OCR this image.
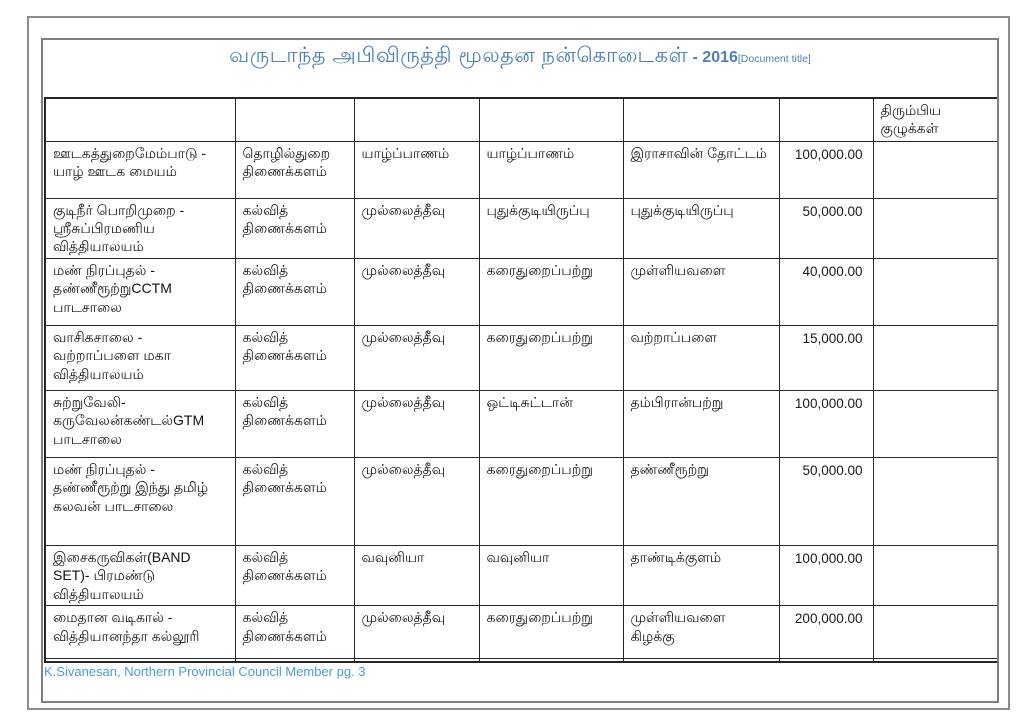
வருடாந்த அபிவிருத்தி மூலதன நன்கொடைகள் - 2016[Document title]
						திரும்பிய குழுக்கள்
ஊடகத்துறைமேம்பாடு - யாழ் ஊடக மையம்	தொழில்துறை திணைக்களம்	யாழ்ப்பாணம்	யாழ்ப்பாணம்	இராசாவின் தோட்டம்	100,000.00	
குடிநீர் பொறிமுறை - ஸ்ரீசுப்பிரமணிய வித்தியாலயம்	கல்வித் திணைக்களம்	முல்லைத்தீவு	புதுக்குடியிருப்பு	புதுக்குடியிருப்பு	50,000.00	
மண் நிரப்புதல் - தண்ணீரூற்றுCCTM பாடசாலை	கல்வித் திணைக்களம்	முல்லைத்தீவு	கரைதுறைப்பற்று	முள்ளியவளை	40,000.00	
வாசிகசாலை - வற்றாப்பளை மகா வித்தியாலயம்	கல்வித் திணைக்களம்	முல்லைத்தீவு	கரைதுறைப்பற்று	வற்றாப்பளை	15,000.00	
சுற்றுவேலி- கருவேலன்கண்டல்GTM பாடசாலை	கல்வித் திணைக்களம்	முல்லைத்தீவு	ஒட்டிசுட்டான்	தம்பிரான்பற்று	100,000.00	
மண் நிரப்புதல் - தண்ணீரூற்று இந்து தமிழ் கலவன் பாடசாலை	கல்வித் திணைக்களம்	முல்லைத்தீவு	கரைதுறைப்பற்று	தண்ணீரூற்று	50,000.00	
இசைகருவிகள்(BAND SET)- பிரமண்டு வித்தியாலயம்	கல்வித் திணைக்களம்	வவுனியா	வவுனியா	தாண்டிக்குளம்	100,000.00	
மைதான வடிகால் - வித்தியானந்தா கல்லூரி	கல்வித் திணைக்களம்	முல்லைத்தீவு	கரைதுறைப்பற்று	முள்ளியவளை கிழக்கு	200,000.00	

K.Sivanesan, Northern Provincial Council Member pg. 3
